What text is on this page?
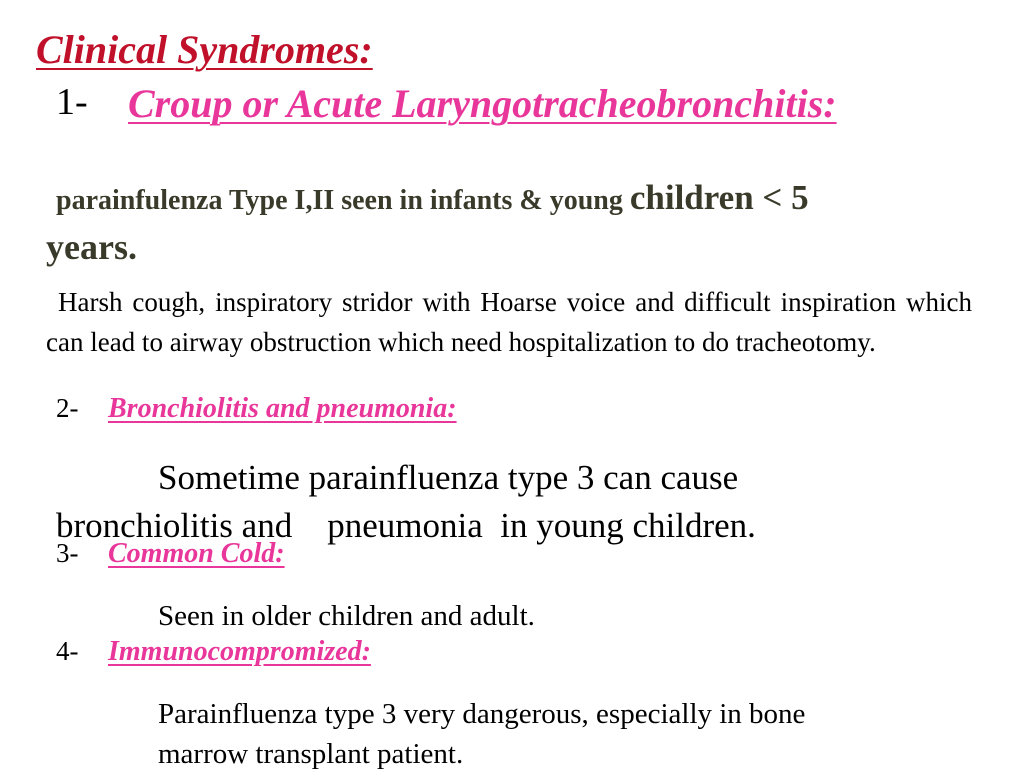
Clinical Syndromes:
1- Croup or Acute Laryngotracheobronchitis:
parainfulenza Type I,II seen in infants & young children < 5
years.
Harsh cough, inspiratory stridor with Hoarse voice and difficult inspiration which can lead to airway obstruction which need hospitalization to do tracheotomy.
2- Bronchiolitis and pneumonia:
Sometime parainfluenza type 3 can cause
bronchiolitis and    pneumonia  in young children.
3- Common Cold:
Seen in older children and adult.
4- Immunocompromized:
Parainfluenza type 3 very dangerous, especially in bone
marrow transplant patient.
